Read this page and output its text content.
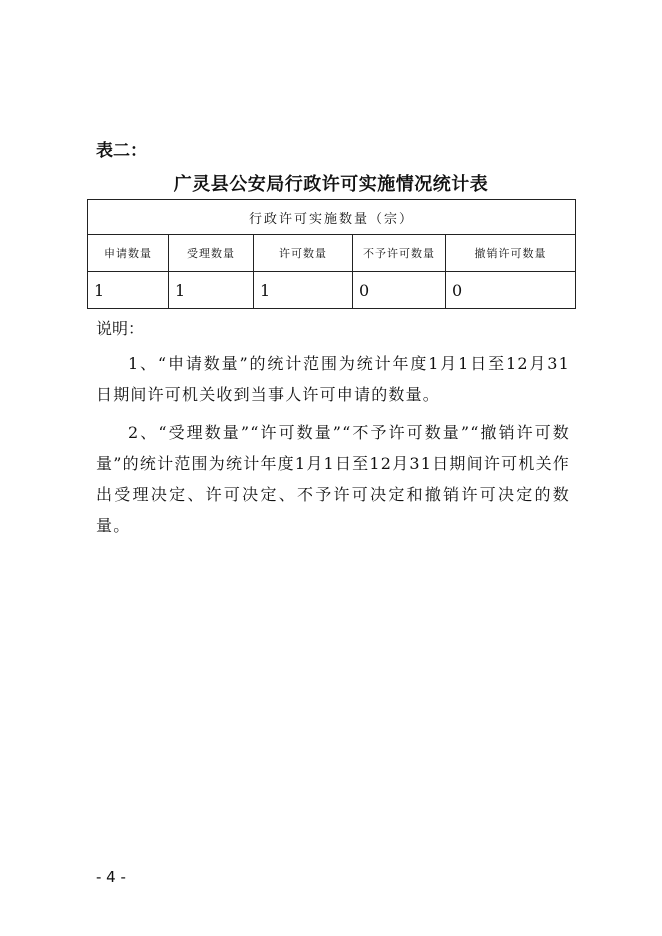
表二：
广灵县公安局行政许可实施情况统计表
行政许可实施数量（宗）				
申请数量	受理数量	许可数量	不予许可数量	撤销许可数量
1	1	1	0	0
说明：
1、“申请数量”的统计范围为统计年度1月1日至12月31日期间许可机关收到当事人许可申请的数量。
2、“受理数量”“许可数量”“不予许可数量”“撤销许可数量”的统计范围为统计年度1月1日至12月31日期间许可机关作出受理决定、许可决定、不予许可决定和撤销许可决定的数量。
- 4 -
